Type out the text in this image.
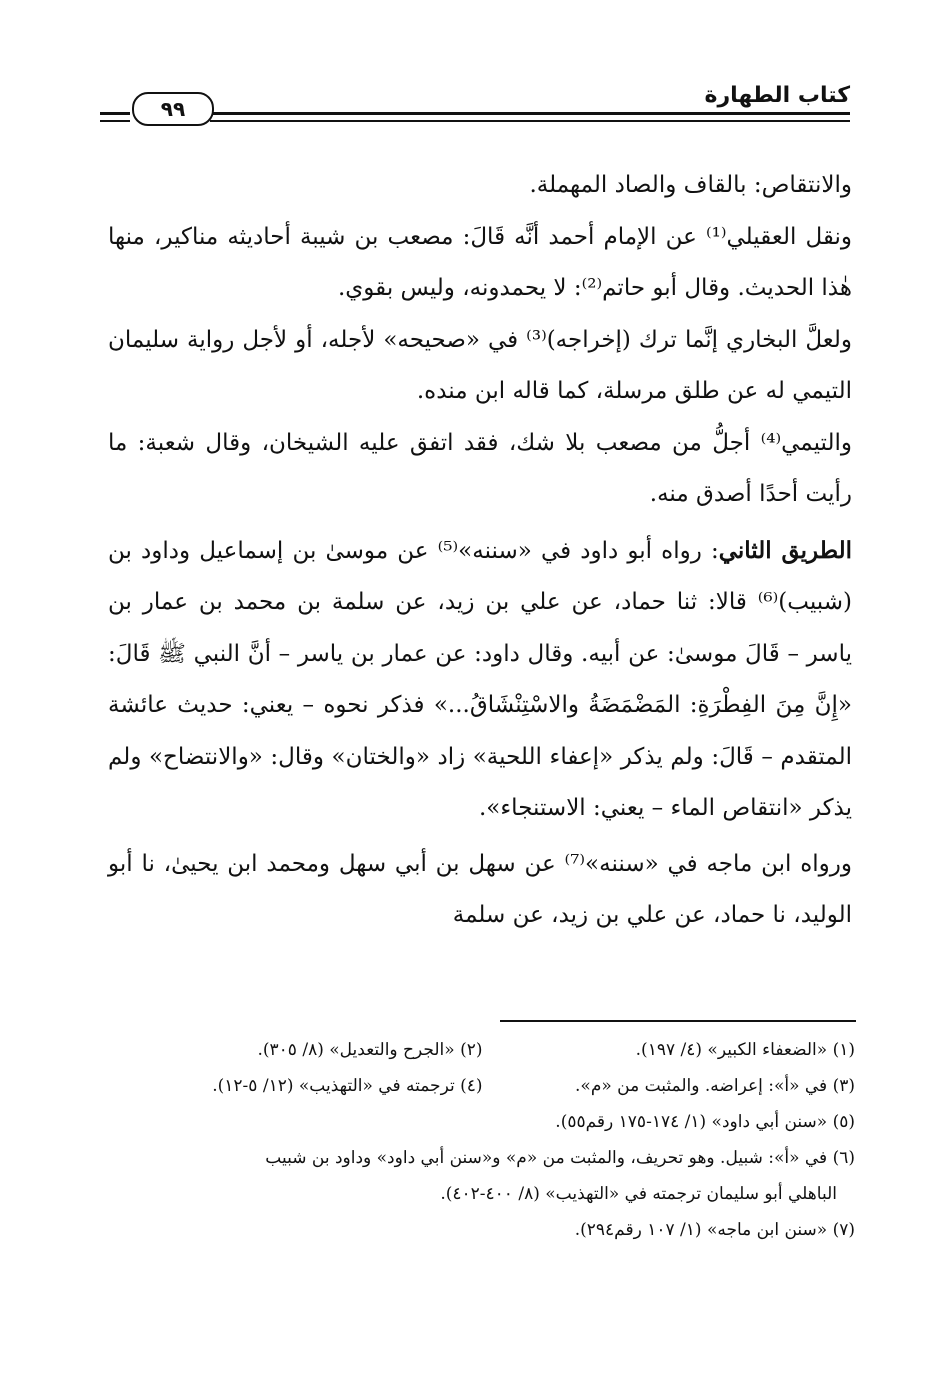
كتاب الطهارة
٩٩

والانتقاص: بالقاف والصاد المهملة.

ونقل العقيلي⁽¹⁾ عن الإمام أحمد أنَّه قَالَ: مصعب بن شيبة أحاديثه مناكير، منها هٰذا الحديث. وقال أبو حاتم⁽²⁾: لا يحمدونه، وليس بقوي.

ولعلَّ البخاري إنَّما ترك (إخراجه)⁽³⁾ في «صحيحه» لأجله، أو لأجل رواية سليمان التيمي له عن طلق مرسلة، كما قاله ابن منده.

والتيمي⁽⁴⁾ أجلُّ من مصعب بلا شك، فقد اتفق عليه الشيخان، وقال شعبة: ما رأيت أحدًا أصدق منه.

الطريق الثاني: رواه أبو داود في «سننه»⁽⁵⁾ عن موسىٰ بن إسماعيل وداود بن (شبيب)⁽⁶⁾ قالا: ثنا حماد، عن علي بن زيد، عن سلمة بن محمد بن عمار بن ياسر – قَالَ موسىٰ: عن أبيه. وقال داود: عن عمار بن ياسر – أنَّ النبي ﷺ قَالَ: «إِنَّ مِنَ الفِطْرَةِ: المَضْمَضَةُ والاسْتِنْشَاقُ...» فذكر نحوه – يعني: حديث عائشة المتقدم – قَالَ: ولم يذكر «إعفاء اللحية» زاد «والختان» وقال: «والانتضاح» ولم يذكر «انتقاص الماء – يعني: الاستنجاء».

ورواه ابن ماجه في «سننه»⁽⁷⁾ عن سهل بن أبي سهل ومحمد ابن يحيىٰ، نا أبو الوليد، نا حماد، عن علي بن زيد، عن سلمة

(١) «الضعفاء الكبير» (٤/ ١٩٧).

(٢) «الجرح والتعديل» (٨/ ٣٠٥).

(٣) في «أ»: إعراضه. والمثبت من «م».

(٤) ترجمته في «التهذيب» (١٢/ ٥-١٢).

(٥) «سنن أبي داود» (١/ ١٧٤-١٧٥ رقم٥٥).

(٦) في «أ»: شبيل. وهو تحريف، والمثبت من «م» و«سنن أبي داود» وداود بن شبيب

الباهلي أبو سليمان ترجمته في «التهذيب» (٨/ ٤٠٠-٤٠٢).

(٧) «سنن ابن ماجه» (١/ ١٠٧ رقم٢٩٤).
